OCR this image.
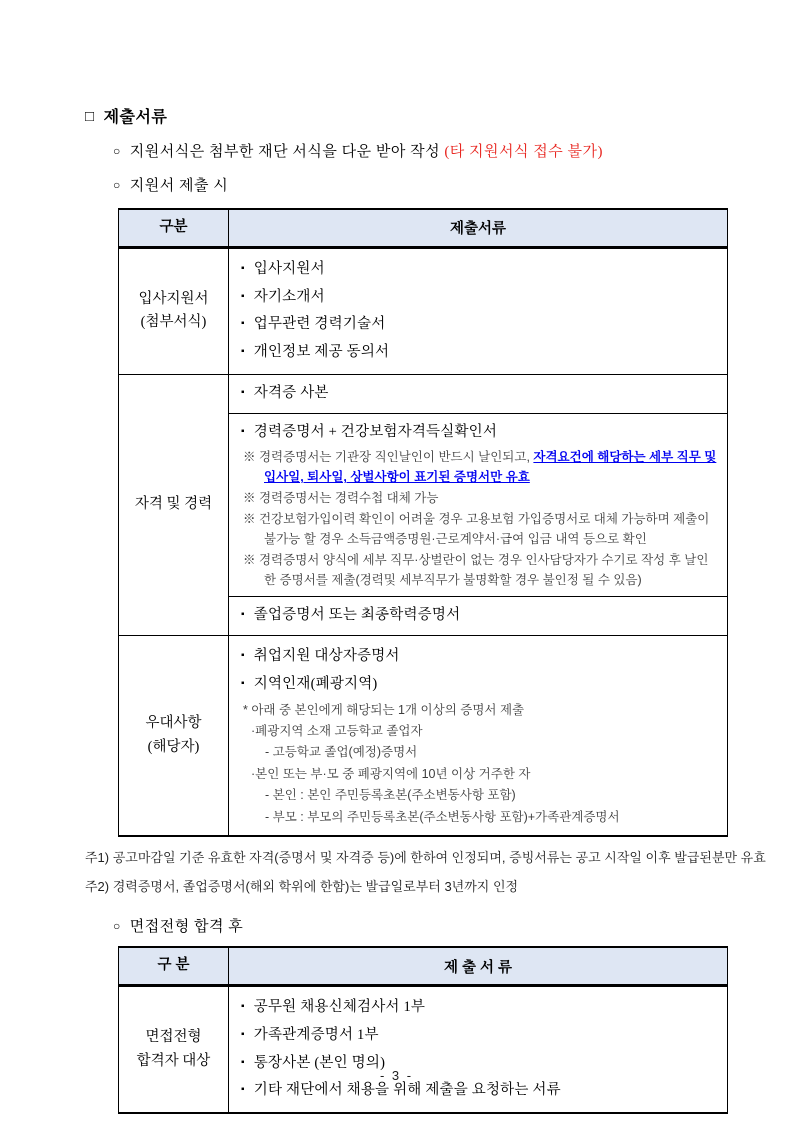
□ 제출서류
○ 지원서식은 첨부한 재단 서식을 다운 받아 작성 (타 지원서식 접수 불가)
○ 지원서 제출 시
구분	제출서류
입사지원서
(첨부서식)
▪ 입사지원서
▪ 자기소개서
▪ 업무관련 경력기술서
▪ 개인정보 제공 동의서
자격 및 경력
▪ 자격증 사본
▪ 경력증명서 + 건강보험자격득실확인서
※ 경력증명서는 기관장 직인날인이 반드시 날인되고, 자격요건에 해당하는 세부 직무 및 입사일, 퇴사일, 상벌사항이 표기된 증명서만 유효
※ 경력증명서는 경력수첩 대체 가능
※ 건강보험가입이력 확인이 어려울 경우 고용보험 가입증명서로 대체 가능하며 제출이 불가능 할 경우 소득금액증명원·근로계약서·급여 입금 내역 등으로 확인
※ 경력증명서 양식에 세부 직무·상벌란이 없는 경우 인사담당자가 수기로 작성 후 날인한 증명서를 제출(경력및 세부직무가 불명확할 경우 불인정 될 수 있음)
▪ 졸업증명서 또는 최종학력증명서
우대사항
(해당자)
▪ 취업지원 대상자증명서
▪ 지역인재(폐광지역)
* 아래 중 본인에게 해당되는 1개 이상의 증명서 제출
·폐광지역 소재 고등학교 졸업자
- 고등학교 졸업(예정)증명서
·본인 또는 부·모 중 폐광지역에 10년 이상 거주한 자
- 본인 : 본인 주민등록초본(주소변동사항 포함)
- 부모 : 부모의 주민등록초본(주소변동사항 포함)+가족관계증명서
주1) 공고마감일 기준 유효한 자격(증명서 및 자격증 등)에 한하여 인정되며, 증빙서류는 공고 시작일 이후 발급된분만 유효
주2) 경력증명서, 졸업증명서(해외 학위에 한함)는 발급일로부터 3년까지 인정
○ 면접전형 합격 후
구 분	제 출 서 류
면접전형
합격자 대상
▪ 공무원 채용신체검사서 1부
▪ 가족관계증명서 1부
▪ 통장사본 (본인 명의)
▪ 기타 재단에서 채용을 위해 제출을 요청하는 서류
- 3 -
